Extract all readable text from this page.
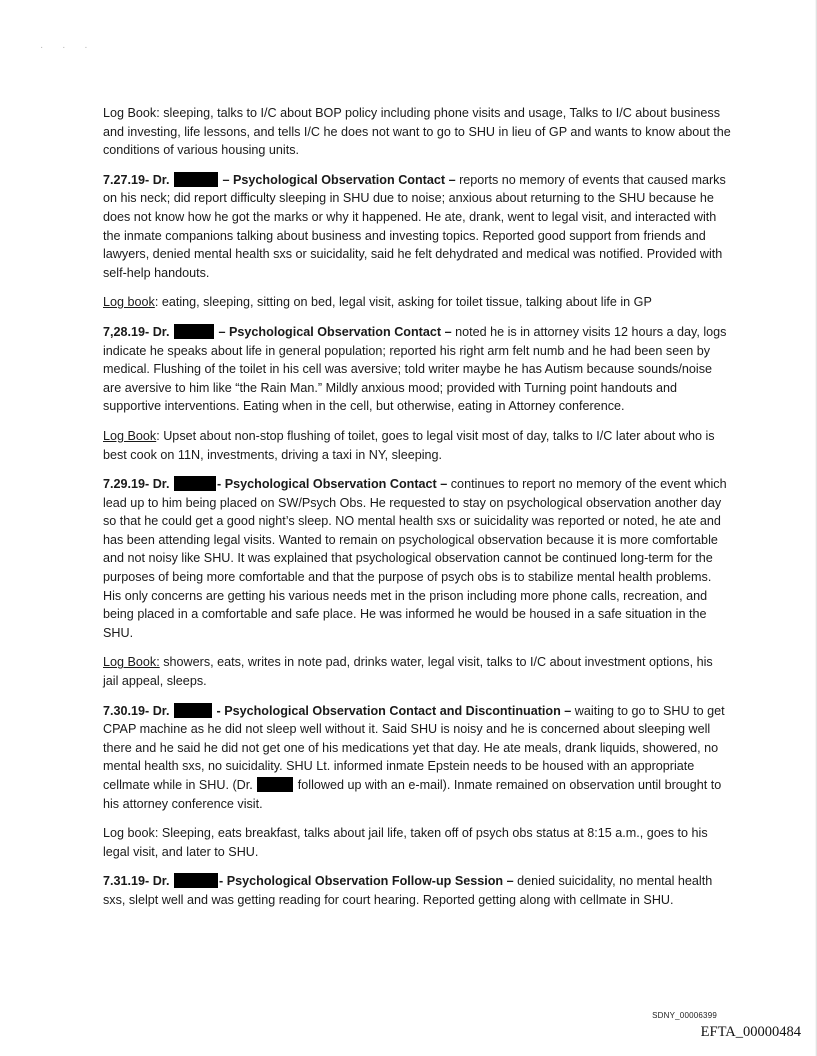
· · ·

Log Book: sleeping, talks to I/C about BOP policy including phone visits and usage, Talks to I/C about business and investing, life lessons, and tells I/C he does not want to go to SHU in lieu of GP and wants to know about the conditions of various housing units.

7.27.19- Dr.	– Psychological Observation Contact – reports no memory of events that caused marks on his neck; did report difficulty sleeping in SHU due to noise; anxious about returning to the SHU because he does not know how he got the marks or why it happened. He ate, drank, went to legal visit, and interacted with the inmate companions talking about business and investing topics. Reported good support from friends and lawyers, denied mental health sxs or suicidality, said he felt dehydrated and medical was notified. Provided with self-help handouts.

Log book: eating, sleeping, sitting on bed, legal visit, asking for toilet tissue, talking about life in GP

7,28.19- Dr.	– Psychological Observation Contact – noted he is in attorney visits 12 hours a day, logs indicate he speaks about life in general population; reported his right arm felt numb and he had been seen by medical. Flushing of the toilet in his cell was aversive; told writer maybe he has Autism because sounds/noise are aversive to him like “the Rain Man.” Mildly anxious mood; provided with Turning point handouts and supportive interventions. Eating when in the cell, but otherwise, eating in Attorney conference.

Log Book: Upset about non-stop flushing of toilet, goes to legal visit most of day, talks to I/C later about who is best cook on 11N, investments, driving a taxi in NY, sleeping.

7.29.19- Dr.	- Psychological Observation Contact – continues to report no memory of the event which lead up to him being placed on SW/Psych Obs. He requested to stay on psychological observation another day so that he could get a good night’s sleep. NO mental health sxs or suicidality was reported or noted, he ate and has been attending legal visits. Wanted to remain on psychological observation because it is more comfortable and not noisy like SHU. It was explained that psychological observation cannot be continued long-term for the purposes of being more comfortable and that the purpose of psych obs is to stabilize mental health problems. His only concerns are getting his various needs met in the prison including more phone calls, recreation, and being placed in a comfortable and safe place. He was informed he would be housed in a safe situation in the SHU.

Log Book: showers, eats, writes in note pad, drinks water, legal visit, talks to I/C about investment options, his jail appeal, sleeps.

7.30.19- Dr.	- Psychological Observation Contact and Discontinuation – waiting to go to SHU to get CPAP machine as he did not sleep well without it. Said SHU is noisy and he is concerned about sleeping well there and he said he did not get one of his medications yet that day. He ate meals, drank liquids, showered, no mental health sxs, no suicidality. SHU Lt. informed inmate Epstein needs to be housed with an appropriate cellmate while in SHU. (Dr.	followed up with an e-mail). Inmate remained on observation until brought to his attorney conference visit.

Log book: Sleeping, eats breakfast, talks about jail life, taken off of psych obs status at 8:15 a.m., goes to his legal visit, and later to SHU.

7.31.19- Dr.	- Psychological Observation Follow-up Session – denied suicidality, no mental health sxs, slelpt well and was getting reading for court hearing. Reported getting along with cellmate in SHU.

SDNY_00006399
EFTA_00000484
